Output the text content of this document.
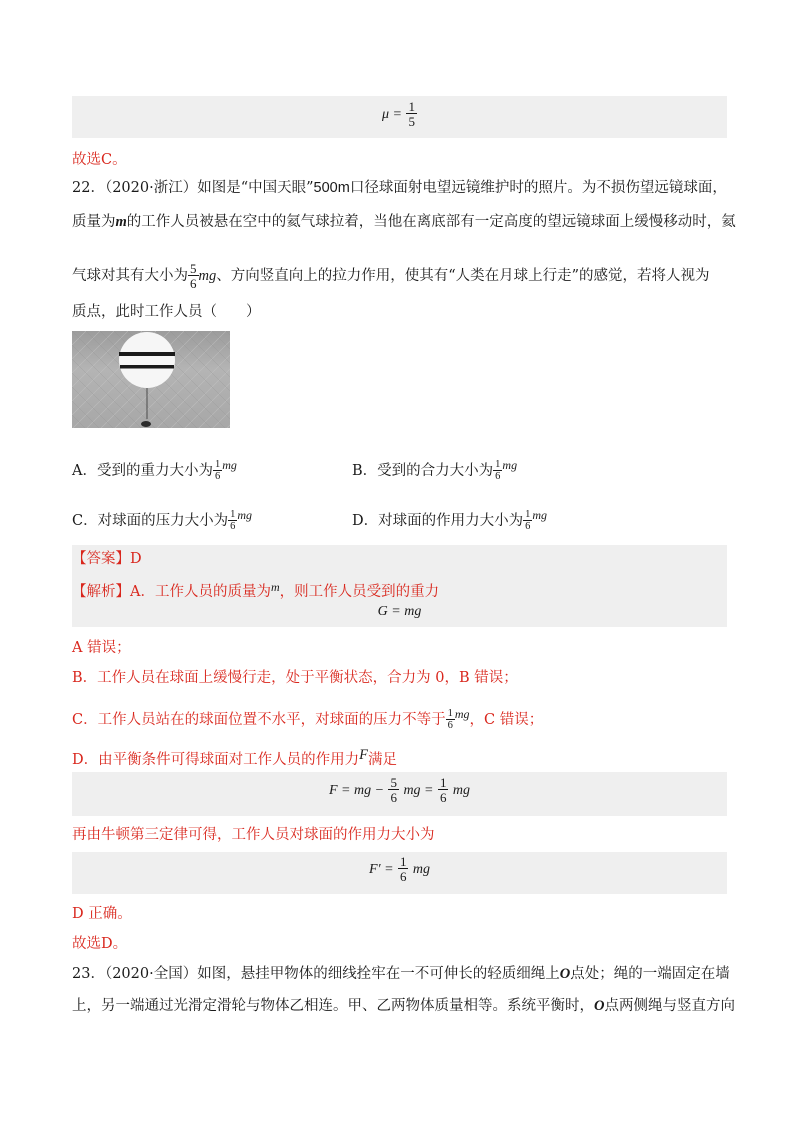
$\mu = \frac{1}{5}$
故选C。
22．（2020·浙江）如图是“中国天眼”500m口径球面射电望远镜维护时的照片。为不损伤望远镜球面，
质量为m的工作人员被悬在空中的氦气球拉着，当他在离底部有一定高度的望远镜球面上缓慢移动时，氦
气球对其有大小为 $\frac{5}{6}$ mg、方向竖直向上的拉力作用，使其有“人类在月球上行走”的感觉，若将人视为
质点，此时工作人员（　　）
A．受到的重力大小为 $\frac{1}{6} ^{mg}$	B．受到的合力大小为 $\frac{1}{6} ^{mg}$
C．对球面的压力大小为 $\frac{1}{6} ^{mg}$	D．对球面的作用力大小为 $\frac{1}{6} ^{mg}$
【答案】D
【解析】A．工作人员的质量为$^m$，则工作人员受到的重力
G = mg
A 错误；
B．工作人员在球面上缓慢行走，处于平衡状态，合力为 0，B 错误；
C．工作人员站在的球面位置不水平，对球面的压力不等于 $\frac{1}{6} ^{mg}$，C 错误；
D．由平衡条件可得球面对工作人员的作用力F满足
F = mg − $\frac{5}{6}$ mg = $\frac{1}{6}$ mg
再由牛顿第三定律可得，工作人员对球面的作用力大小为
$F' = \frac{1}{6}$ mg
D 正确。
故选D。
23．（2020·全国）如图，悬挂甲物体的细线拴牢在一不可伸长的轻质细绳上O点处；绳的一端固定在墙
上，另一端通过光滑定滑轮与物体乙相连。甲、乙两物体质量相等。系统平衡时，O点两侧绳与竖直方向
